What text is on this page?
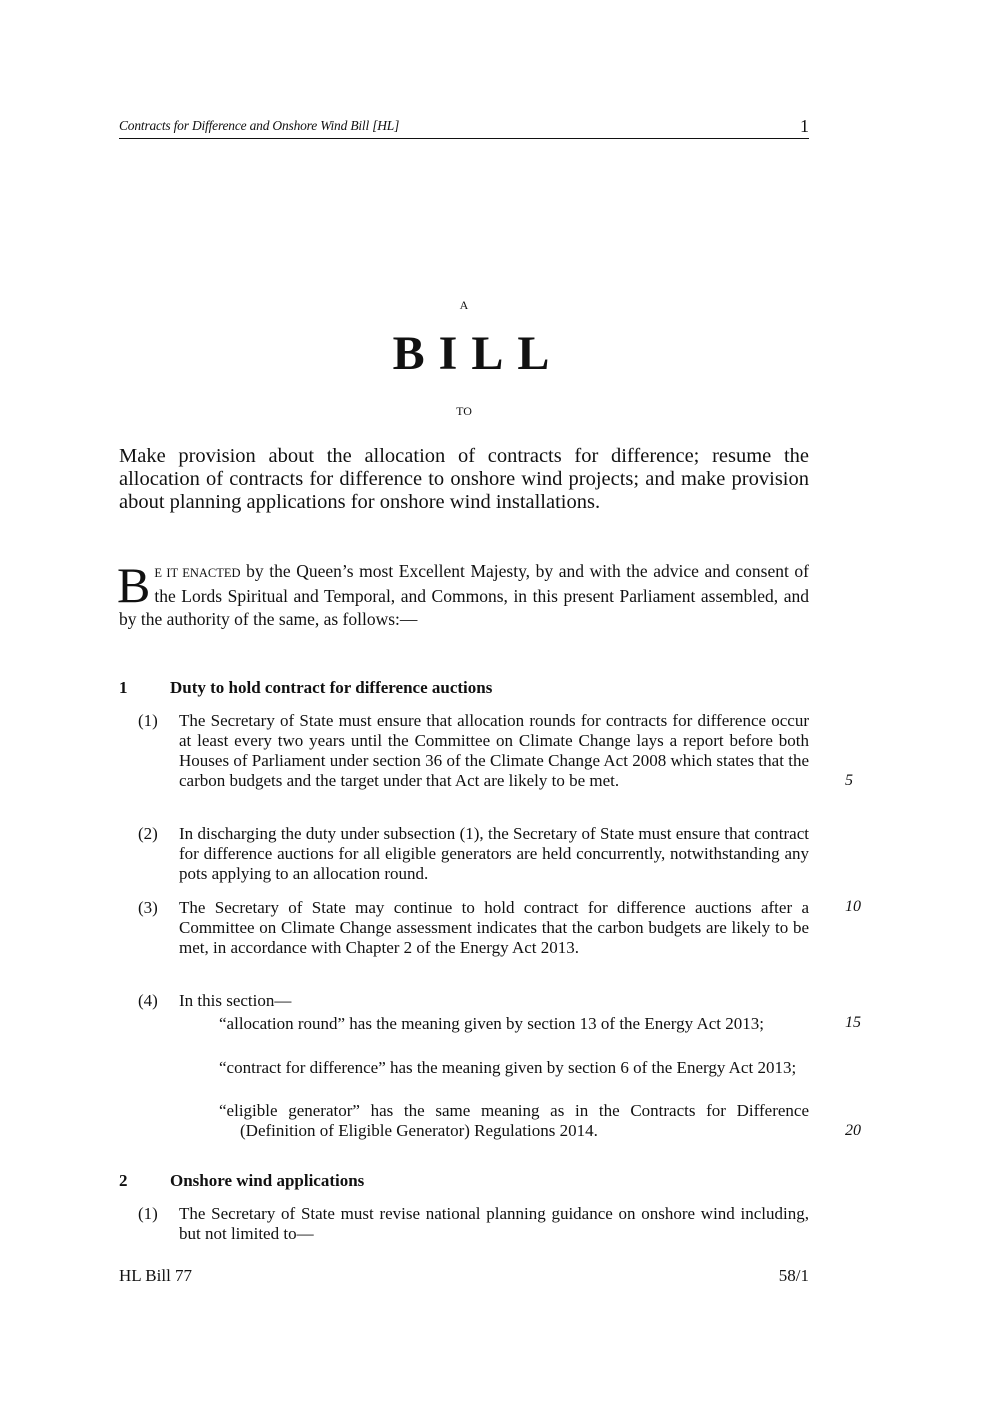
Contracts for Difference and Onshore Wind Bill [HL]	1
A
BILL
TO
Make provision about the allocation of contracts for difference; resume the allocation of contracts for difference to onshore wind projects; and make provision about planning applications for onshore wind installations.
B E IT ENACTED by the Queen’s most Excellent Majesty, by and with the advice and consent of the Lords Spiritual and Temporal, and Commons, in this present Parliament assembled, and by the authority of the same, as follows:—
1	Duty to hold contract for difference auctions
(1) The Secretary of State must ensure that allocation rounds for contracts for difference occur at least every two years until the Committee on Climate Change lays a report before both Houses of Parliament under section 36 of the Climate Change Act 2008 which states that the carbon budgets and the target under that Act are likely to be met.
(2) In discharging the duty under subsection (1), the Secretary of State must ensure that contract for difference auctions for all eligible generators are held concurrently, notwithstanding any pots applying to an allocation round.
(3) The Secretary of State may continue to hold contract for difference auctions after a Committee on Climate Change assessment indicates that the carbon budgets are likely to be met, in accordance with Chapter 2 of the Energy Act 2013.
(4) In this section—
“allocation round” has the meaning given by section 13 of the Energy Act 2013;
“contract for difference” has the meaning given by section 6 of the Energy Act 2013;
“eligible generator” has the same meaning as in the Contracts for Difference (Definition of Eligible Generator) Regulations 2014.
2	Onshore wind applications
(1) The Secretary of State must revise national planning guidance on onshore wind including, but not limited to—
5
10
15
20
HL Bill 77	58/1
